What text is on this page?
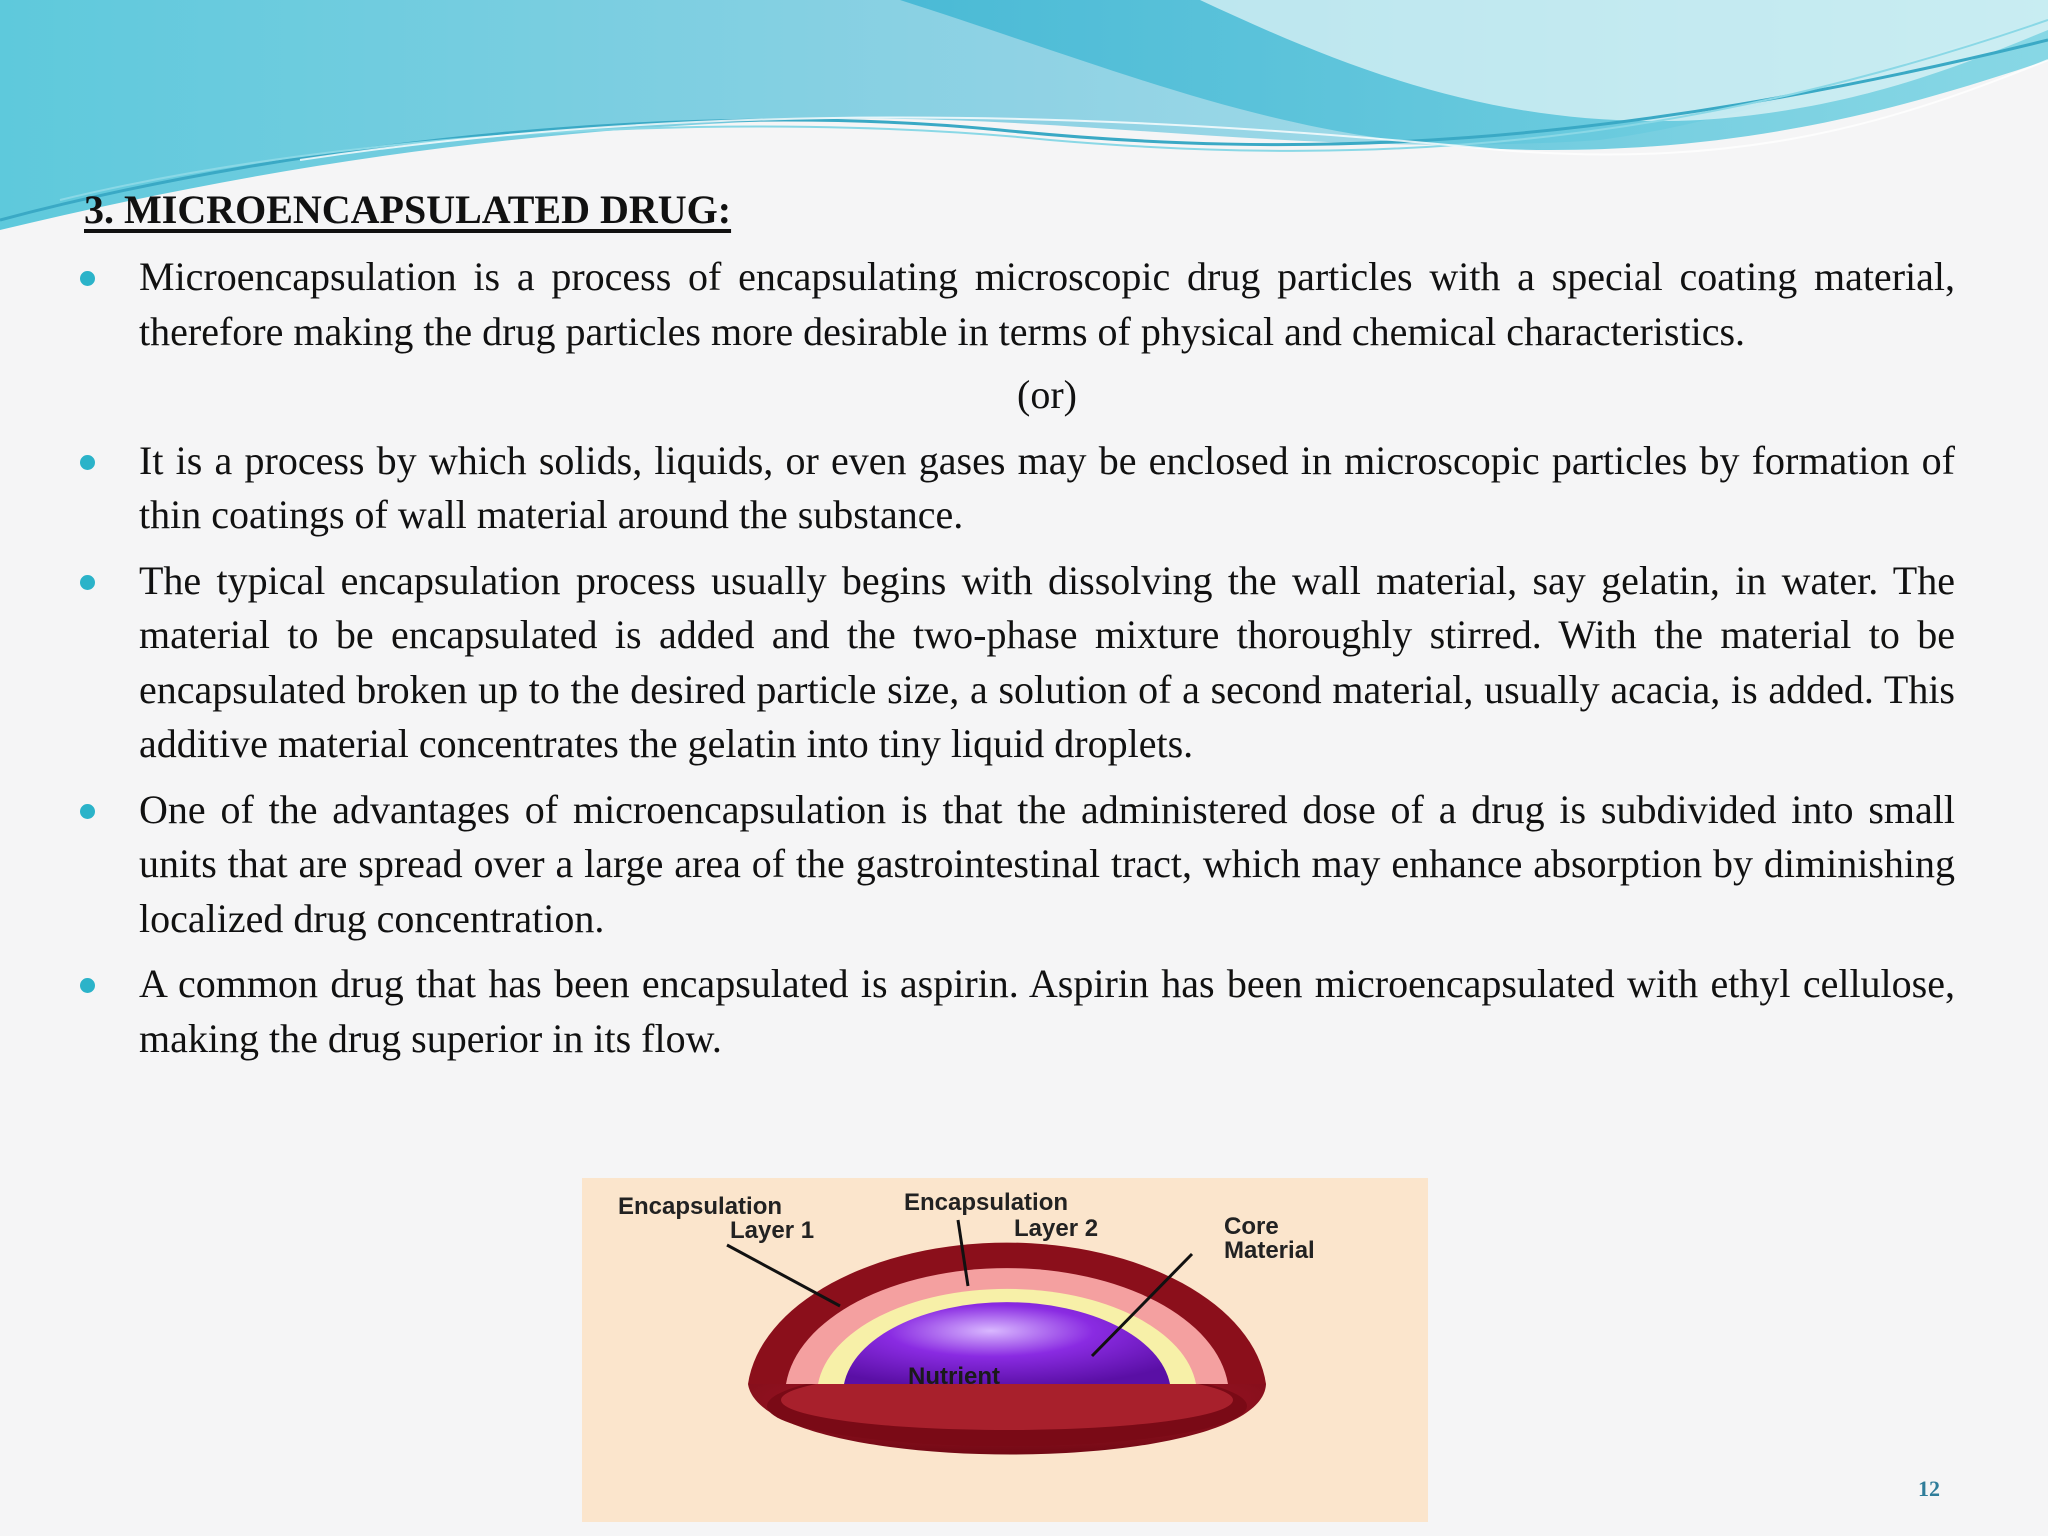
3. MICROENCAPSULATED DRUG:
Microencapsulation is a process of encapsulating microscopic drug particles with a special coating material, therefore making the drug particles more desirable in terms of physical and chemical characteristics.
(or)
It is a process by which solids, liquids, or even gases may be enclosed in microscopic particles by formation of thin coatings of wall material around the substance.
The typical encapsulation process usually begins with dissolving the wall material, say gelatin, in water. The material to be encapsulated is added and the two-phase mixture thoroughly stirred. With the material to be encapsulated broken up to the desired particle size, a solution of a second material, usually acacia, is added. This additive material concentrates the gelatin into tiny liquid droplets.
One of the advantages of microencapsulation is that the administered dose of a drug is subdivided into small units that are spread over a large area of the gastrointestinal tract, which may enhance absorption by diminishing localized drug concentration.
A common drug that has been encapsulated is aspirin. Aspirin has been microencapsulated with ethyl cellulose, making the drug superior in its flow.
Encapsulation
Layer 1
Encapsulation
Layer 2	Core
Material
Nutrient
12
